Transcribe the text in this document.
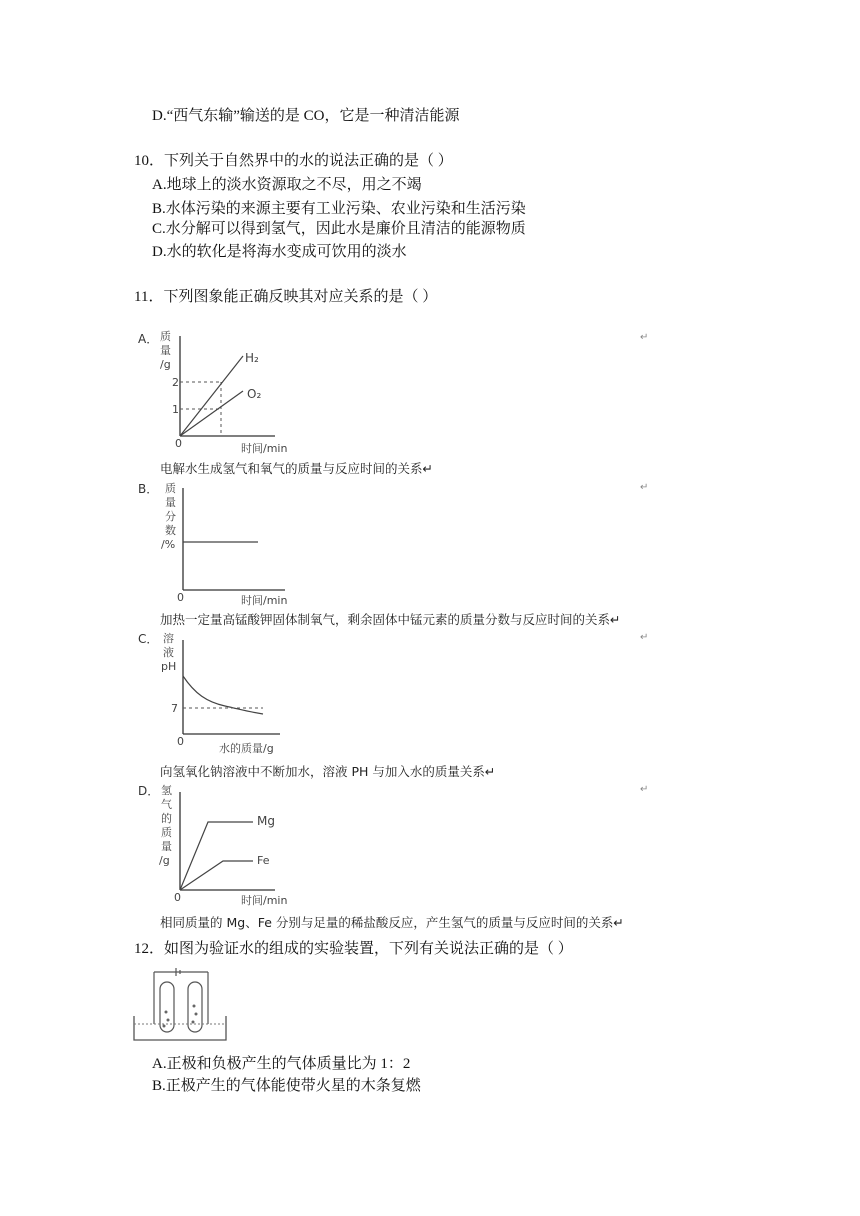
D.“西气东输”输送的是 CO，它是一种清洁能源
10．下列关于自然界中的水的说法正确的是（ ）
A.地球上的淡水资源取之不尽，用之不竭
B.水体污染的来源主要有工业污染、农业污染和生活污染
C.水分解可以得到氢气，因此水是廉价且清洁的能源物质
D.水的软化是将海水变成可饮用的淡水
11．下列图象能正确反映其对应关系的是（ ）
A．	↵
质
量
/g
2
1
0
H₂
O₂
时间/min
电解水生成氢气和氧气的质量与反应时间的关系↵
B．	↵
质
量
分
数
/%
0	时间/min
加热一定量高锰酸钾固体制氧气，剩余固体中锰元素的质量分数与反应时间的关系↵
C．	↵
溶
液
pH
7
0
水的质量/g
向氢氧化钠溶液中不断加水，溶液 PH 与加入水的质量关系↵
D．	↵
氢
气
的
质
量
/g
Mg
Fe
0	时间/min
相同质量的 Mg、Fe 分别与足量的稀盐酸反应，产生氢气的质量与反应时间的关系↵
12．如图为验证水的组成的实验装置，下列有关说法正确的是（ ）
A.正极和负极产生的气体质量比为 1：2
B.正极产生的气体能使带火星的木条复燃
